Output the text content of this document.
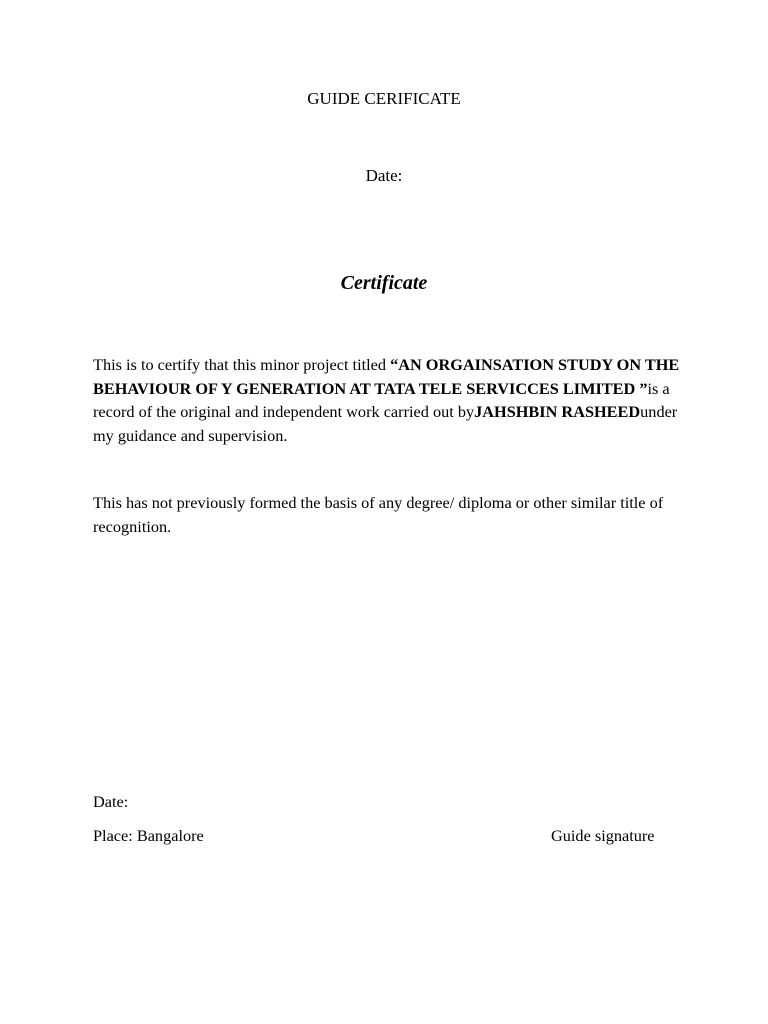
GUIDE CERIFICATE
Date:
Certificate

This is to certify that this minor project titled “AN ORGAINSATION STUDY ON THE BEHAVIOUR OF Y GENERATION AT TATA TELE SERVICCES LIMITED ”is a record of the original and independent work carried out byJAHSHBIN RASHEEDunder my guidance and supervision.

This has not previously formed the basis of any degree/ diploma or other similar title of recognition.

Date:
Place: Bangalore	Guide signature
